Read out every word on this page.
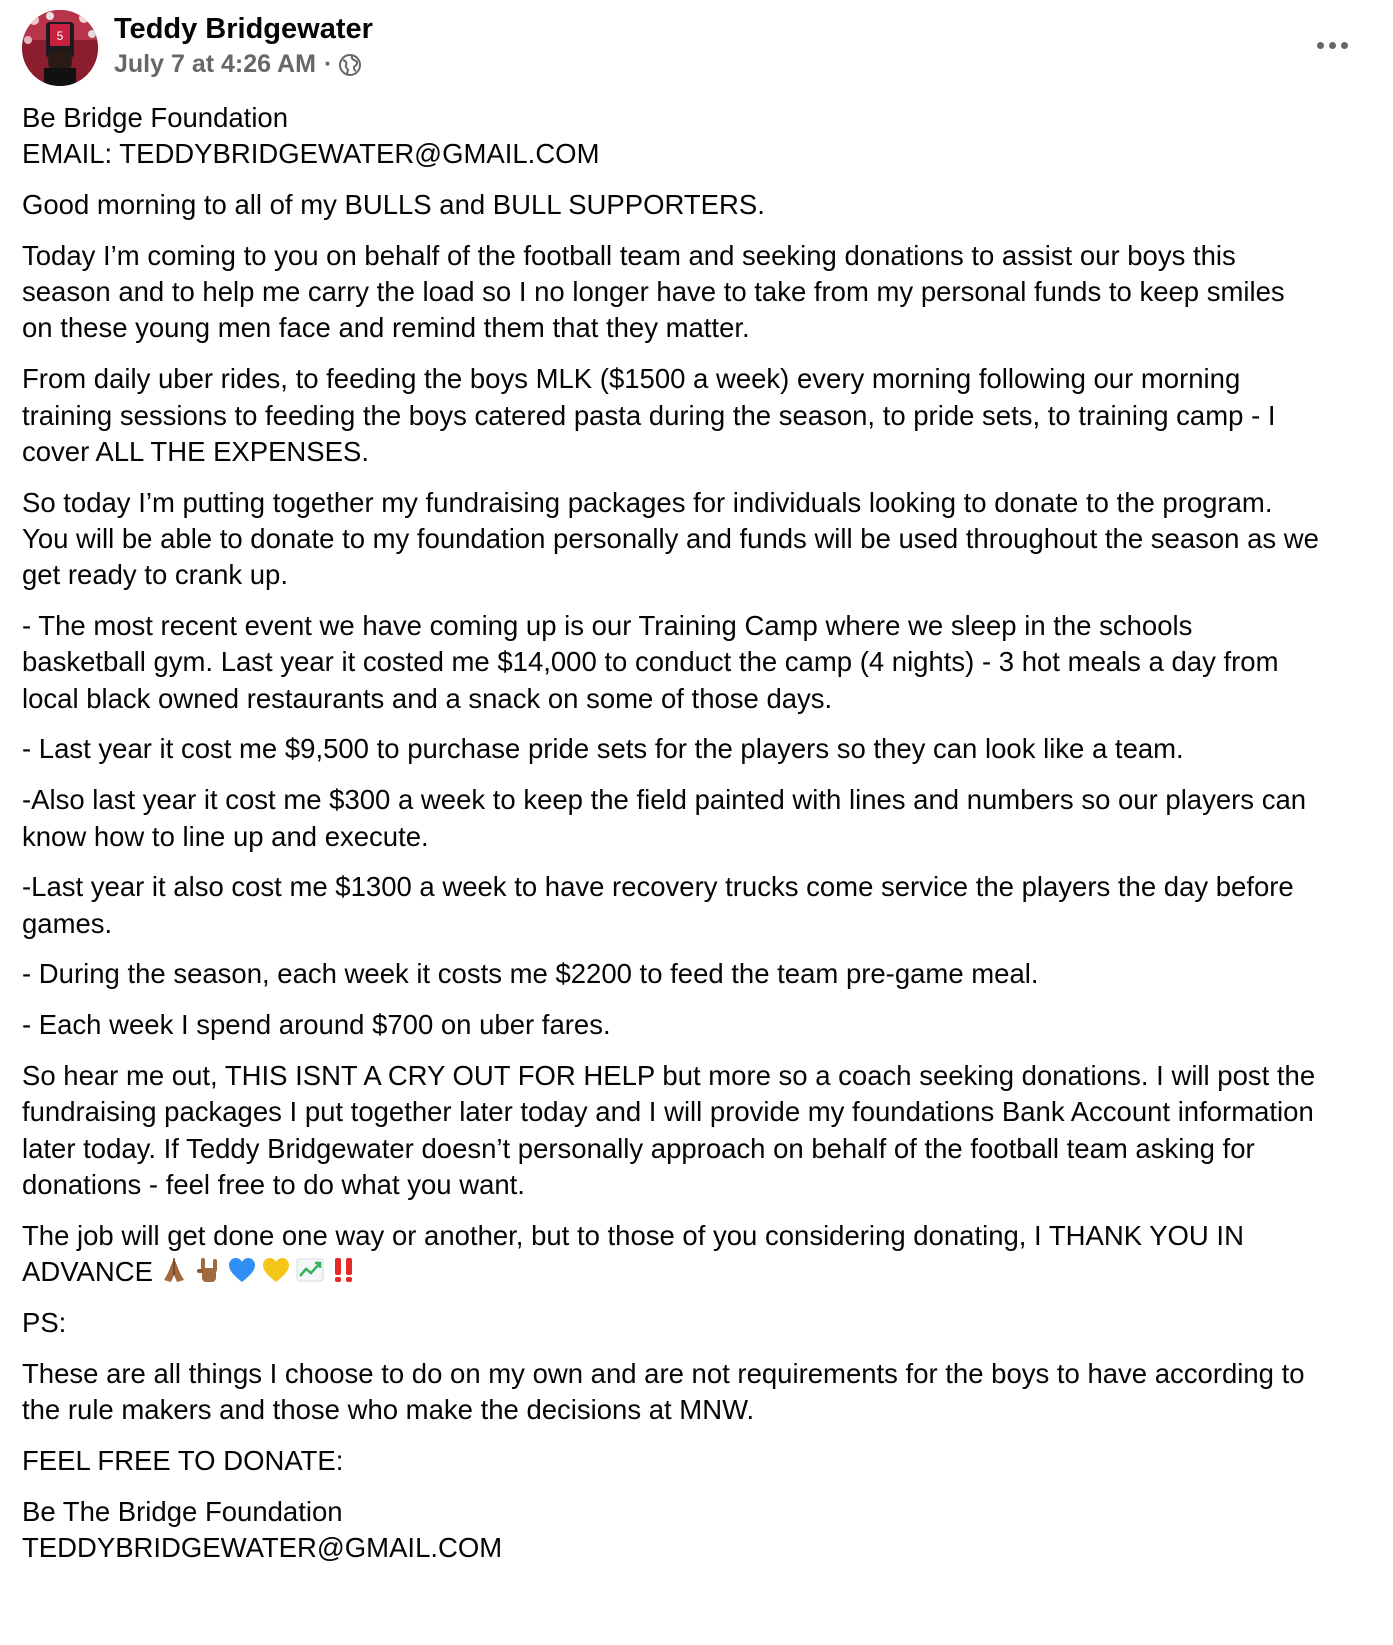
5 Teddy Bridgewater
July 7 at 4:26 AM ·

Be Bridge Foundation
EMAIL: TEDDYBRIDGEWATER@GMAIL.COM

Good morning to all of my BULLS and BULL SUPPORTERS.

Today I’m coming to you on behalf of the football team and seeking donations to assist our boys this season and to help me carry the load so I no longer have to take from my personal funds to keep smiles on these young men face and remind them that they matter.

From daily uber rides, to feeding the boys MLK ($1500 a week) every morning following our morning training sessions to feeding the boys catered pasta during the season, to pride sets, to training camp - I cover ALL THE EXPENSES.

So today I’m putting together my fundraising packages for individuals looking to donate to the program. You will be able to donate to my foundation personally and funds will be used throughout the season as we get ready to crank up.

- The most recent event we have coming up is our Training Camp where we sleep in the schools basketball gym. Last year it costed me $14,000 to conduct the camp (4 nights) - 3 hot meals a day from local black owned restaurants and a snack on some of those days.

- Last year it cost me $9,500 to purchase pride sets for the players so they can look like a team.

-Also last year it cost me $300 a week to keep the field painted with lines and numbers so our players can know how to line up and execute.

-Last year it also cost me $1300 a week to have recovery trucks come service the players the day before games.

- During the season, each week it costs me $2200 to feed the team pre-game meal.

- Each week I spend around $700 on uber fares.

So hear me out, THIS ISNT A CRY OUT FOR HELP but more so a coach seeking donations. I will post the fundraising packages I put together later today and I will provide my foundations Bank Account information later today. If Teddy Bridgewater doesn’t personally approach on behalf of the football team asking for donations - feel free to do what you want.

The job will get done one way or another, but to those of you considering donating, I THANK YOU IN ADVANCE

PS:

These are all things I choose to do on my own and are not requirements for the boys to have according to the rule makers and those who make the decisions at MNW.

FEEL FREE TO DONATE:

Be The Bridge Foundation
TEDDYBRIDGEWATER@GMAIL.COM
